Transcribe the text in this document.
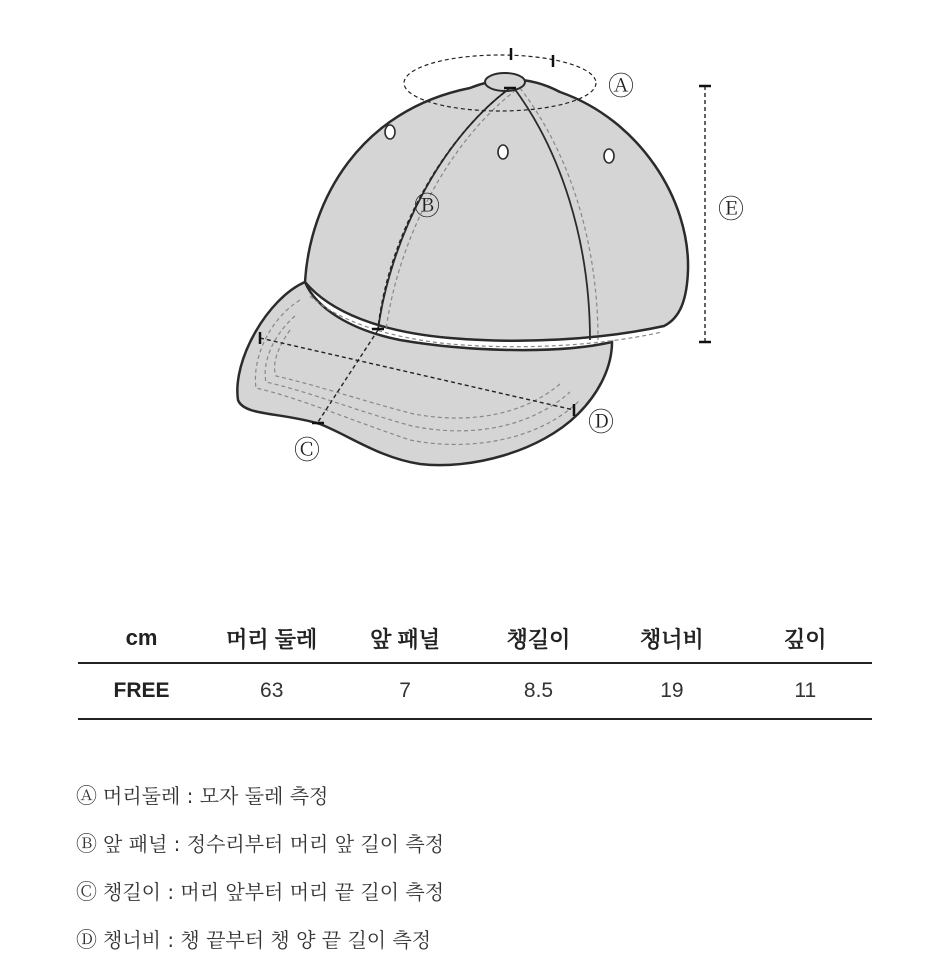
Ⓐ
Ⓑ
Ⓒ
Ⓓ
Ⓔ
cm	머리 둘레	앞 패널	챙길이	챙너비	깊이
FREE	63	7	8.5	19	11
Ⓐ 머리둘레 : 모자 둘레 측정
Ⓑ 앞 패널 : 정수리부터 머리 앞 길이 측정
Ⓒ 챙길이 : 머리 앞부터 머리 끝 길이 측정
Ⓓ 챙너비 : 챙 끝부터 챙 양 끝 길이 측정
